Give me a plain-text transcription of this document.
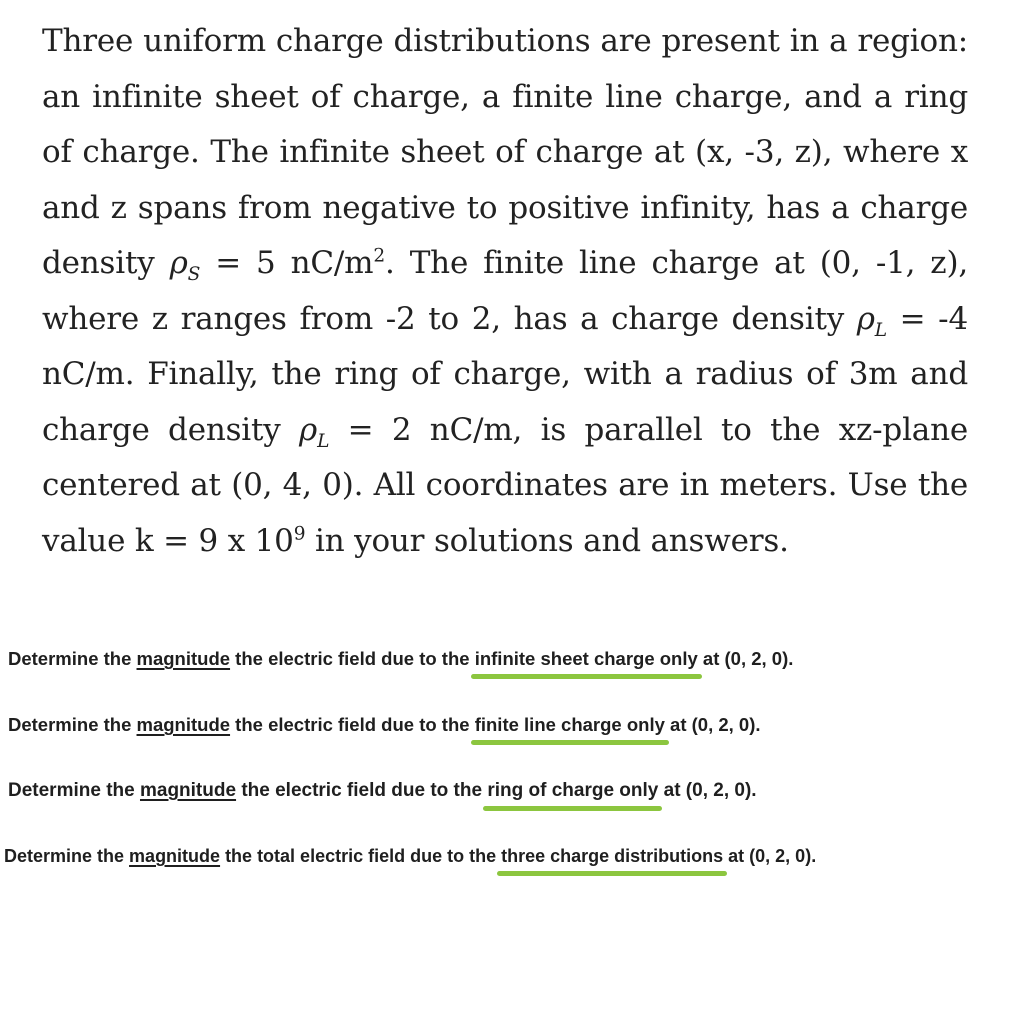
Three uniform charge distributions are present in a region: an infinite sheet of charge, a finite line charge, and a ring of charge. The infinite sheet of charge at (x, -3, z), where x and z spans from negative to positive infinity, has a charge density $\rho_S = 5$ $nC/m^2$. The finite line charge at (0, -1, z), where z ranges from -2 to 2, has a charge density $\rho_L = -4$ nC/m. Finally, the ring of charge, with a radius of 3m and charge density $\rho_L = 2$ nC/m, is parallel to the xz-plane centered at (0, 4, 0). All coordinates are in meters. Use the value k = 9 x $10^9$ in your solutions and answers.

Determine the magnitude the electric field due to the infinite sheet charge only at (0, 2, 0).
Determine the magnitude the electric field due to the finite line charge only at (0, 2, 0).
Determine the magnitude the electric field due to the ring of charge only at (0, 2, 0).
Determine the magnitude the total electric field due to the three charge distributions at (0, 2, 0).
